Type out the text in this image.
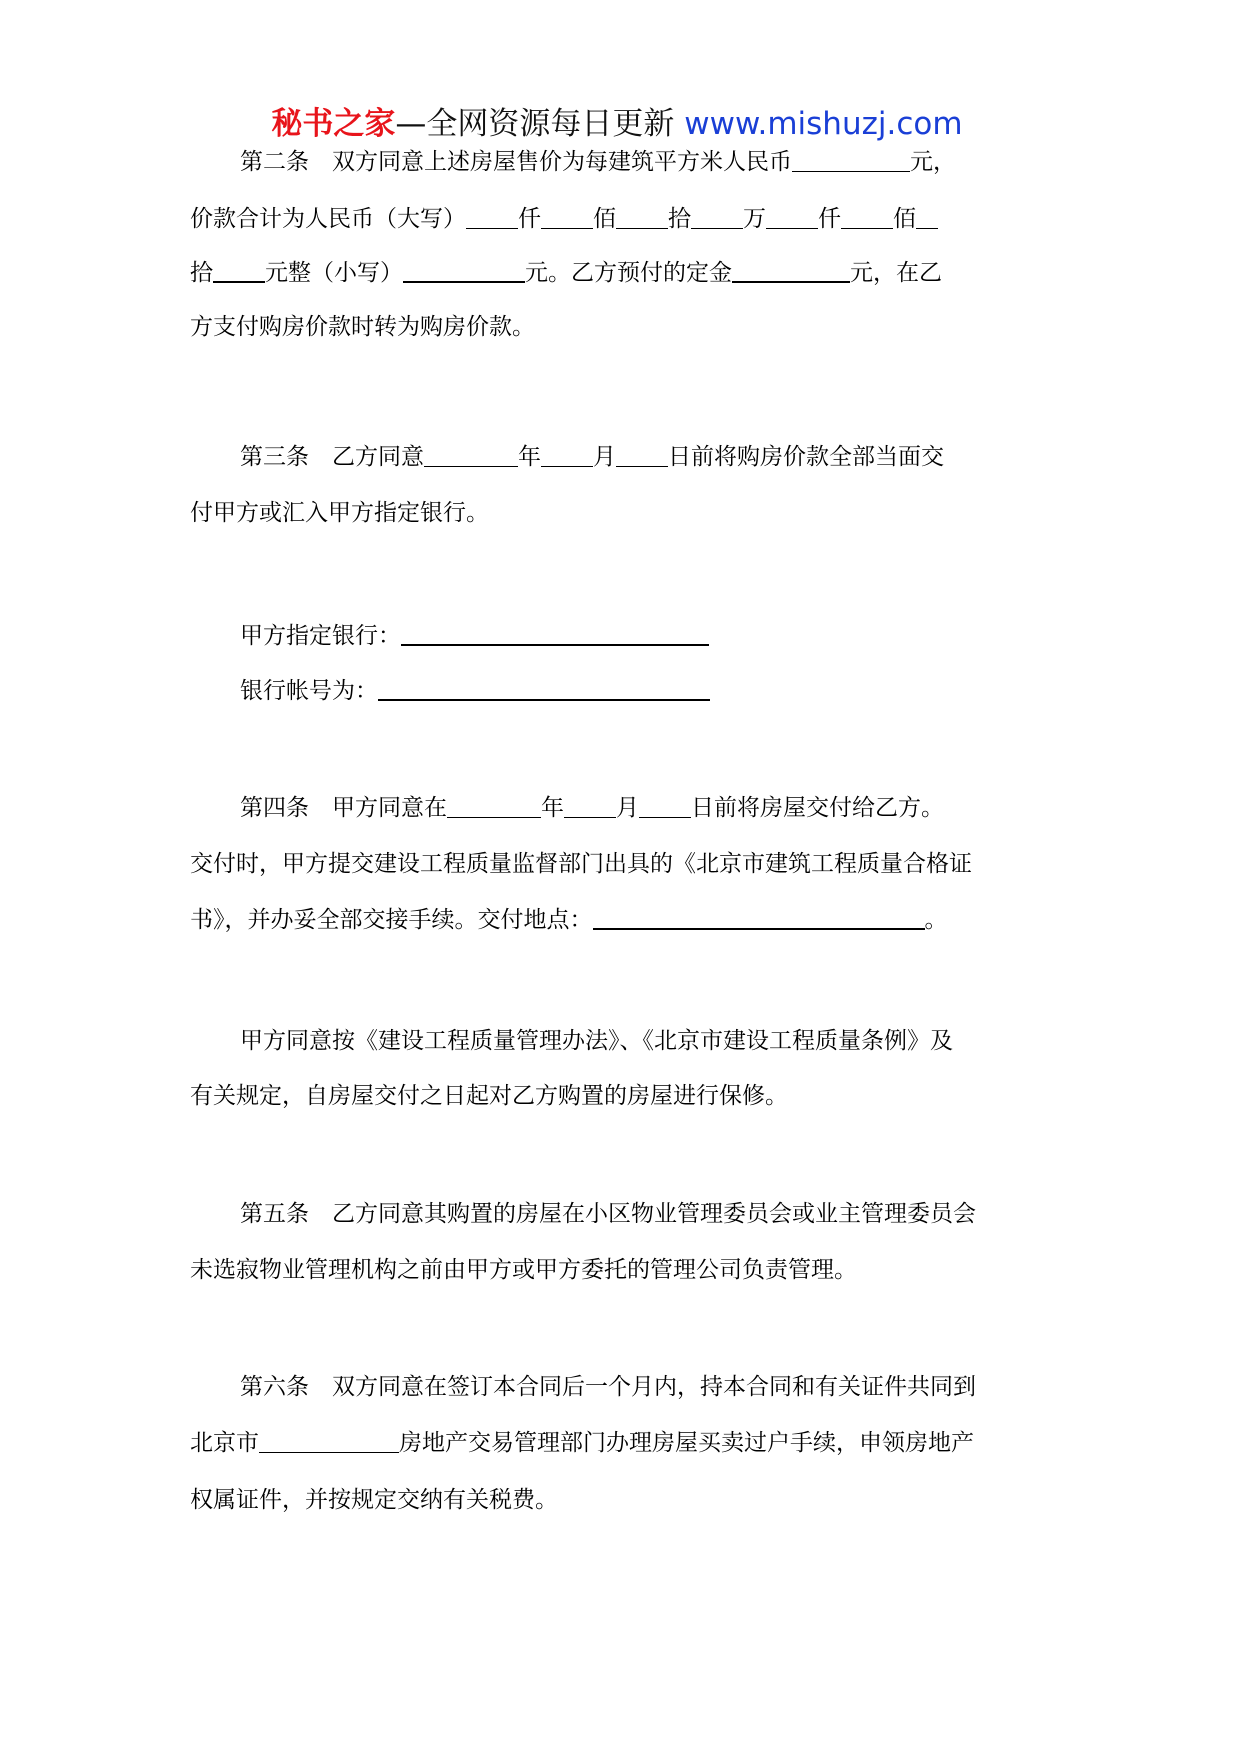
秘书之家—全网资源每日更新 www.mishuzj.com
第二条 双方同意上述房屋售价为每建筑平方米人民币	元，
价款合计为人民币（大写） 仟 佰 拾 万 仟 佰
拾 元整（小写）	元。乙方预付的定金	元，在乙
方支付购房价款时转为购房价款。
第三条 乙方同意	年 月 日前将购房价款全部当面交
付甲方或汇入甲方指定银行。
甲方指定银行：
银行帐号为：
第四条 甲方同意在	年 月 日前将房屋交付给乙方。
交付时，甲方提交建设工程质量监督部门出具的《北京市建筑工程质量合格证
书》，并办妥全部交接手续。交付地点：	。
甲方同意按《建设工程质量管理办法》、《北京市建设工程质量条例》及
有关规定，自房屋交付之日起对乙方购置的房屋进行保修。
第五条 乙方同意其购置的房屋在小区物业管理委员会或业主管理委员会
未选寂物业管理机构之前由甲方或甲方委托的管理公司负责管理。
第六条 双方同意在签订本合同后一个月内，持本合同和有关证件共同到
北京市	房地产交易管理部门办理房屋买卖过户手续，申领房地产
权属证件，并按规定交纳有关税费。
